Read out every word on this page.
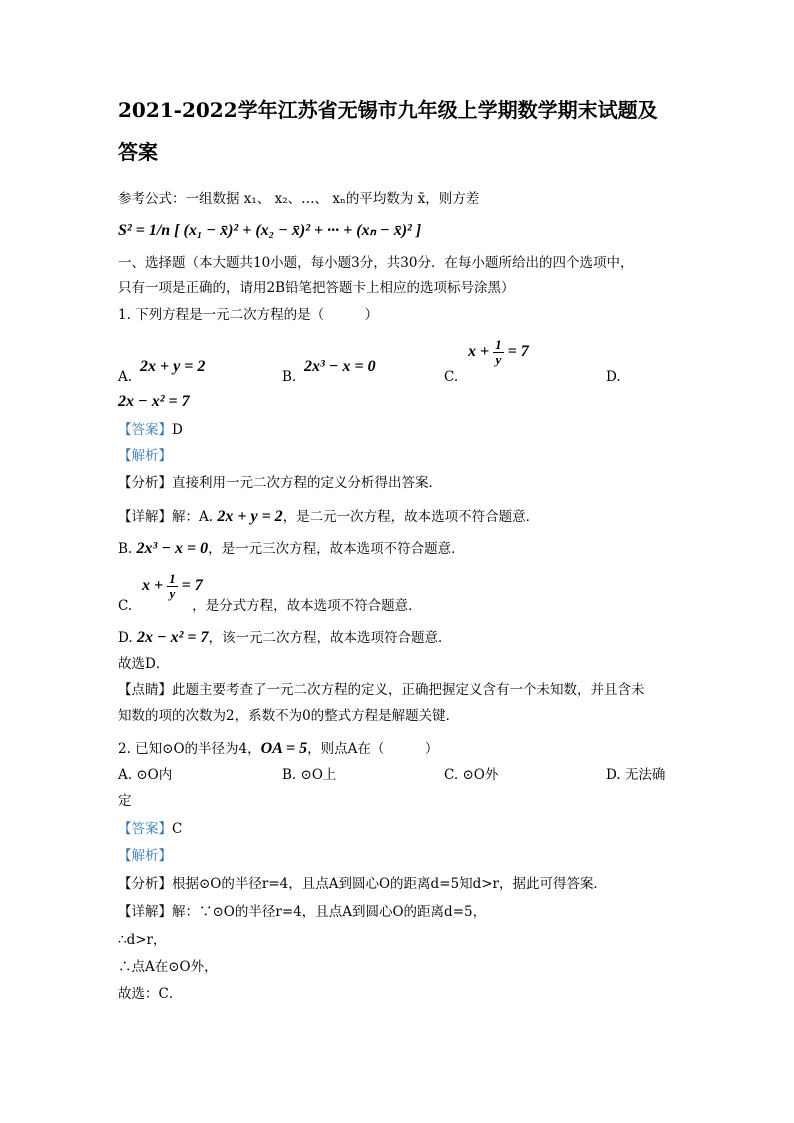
2021-2022学年江苏省无锡市九年级上学期数学期末试题及
答案
参考公式：一组数据 x₁、 x₂、…、 xₙ的平均数为 x̄，则方差
S² = 1/n [ (x₁ − x̄)² + (x₂ − x̄)² + ··· + (xₙ − x̄)² ]
一、选择题（本大题共10小题，每小题3分，共30分．在每小题所给出的四个选项中，
只有一项是正确的，请用2B铅笔把答题卡上相应的选项标号涂黑）
1. 下列方程是一元二次方程的是（　　　）
A.
2x + y = 2
B.
2x³ − x = 0
C.
$x + \frac{1}{y} = 7$
D.
2x − x² = 7
【答案】D
【解析】
【分析】直接利用一元二次方程的定义分析得出答案．
【详解】解：A. 2x + y = 2，是二元一次方程，故本选项不符合题意．
B. 2x³ − x = 0，是一元三次方程，故本选项不符合题意．
$x + \frac{1}{y} = 7$
C.	，是分式方程，故本选项不符合题意．
D. 2x − x² = 7，该一元二次方程，故本选项符合题意．
故选D．
【点睛】此题主要考查了一元二次方程的定义，正确把握定义含有一个未知数，并且含未
知数的项的次数为2，系数不为0的整式方程是解题关键．
2. 已知⊙O的半径为4，OA = 5，则点A在（　　　）
A. ⊙O内	B. ⊙O上	C. ⊙O外	D. 无法确
定
【答案】C
【解析】
【分析】根据⊙O的半径r=4，且点A到圆心O的距离d=5知d>r，据此可得答案．
【详解】解：∵⊙O的半径r=4，且点A到圆心O的距离d=5，
∴d>r，
∴点A在⊙O外，
故选：C．
